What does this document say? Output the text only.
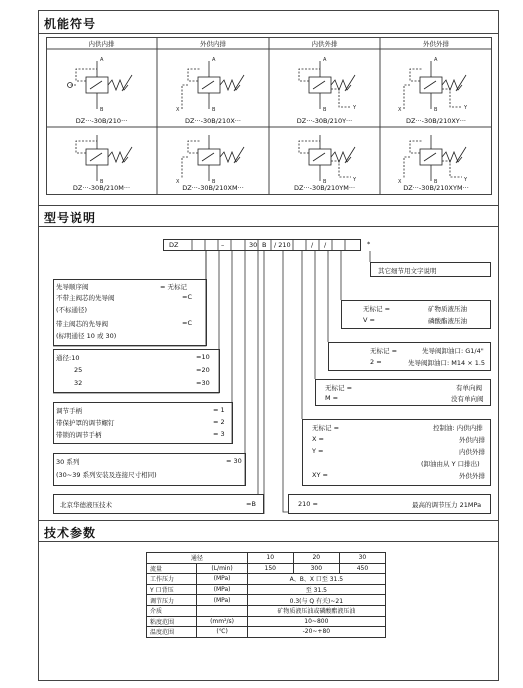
机能符号
内供内排	外供内排	内供外排	外供外排
A
B
A
B
X
A
B	Y
A
B
X	Y
B	B
X	B	Y	B
X	Y
DZ···-30B/210···	DZ···-30B/210X···	DZ···-30B/210Y···	DZ···-30B/210XY···
DZ···-30B/210M···	DZ···-30B/210XM···	DZ···-30B/210YM···	DZ···-30B/210XYM···
型号说明
DZ	–	30 B / 210	/ /	*
先导顺序阀	= 无标记
不带主阀芯的先导阀	=C
(不标通径)
带主阀芯的先导阀	=C
(标明通径 10 或 30)
通径:10	=10
25	=20
32	=30
调节手柄	= 1
带保护罩的调节螺钉	= 2
带锁的调节手柄	= 3
30 系列	= 30
(30~39 系列安装及连接尺寸相同)
北京华德液压技术	=B
其它细节用文字说明
无标记 =	矿物质液压油
V =	磷酸酯液压油
无标记 =	先导阀卸油口: G1/4"
2 =	先导阀卸油口: M14 × 1.5
无标记 =	有单向阀
M =	没有单向阀
无标记 =	控制油: 内供内排
X =	外供内排
Y =	内供外排
(卸油由从 Y 口排出)
XY =	外供外排
210 =	最高的调节压力 21MPa
技术参数
通径		10	20	30
流量	(L/min)	150	300	450
工作压力	(MPa)	A、B、X 口至 31.5		
Y 口背压	(MPa)	至 31.5		
调节压力	(MPa)	0.3(与 Q 有关)~21		
介质		矿物质液压油或磷酸酯液压油		
粘度范围	(mm²/s)	10~800		
温度范围	(℃)	-20~+80		
